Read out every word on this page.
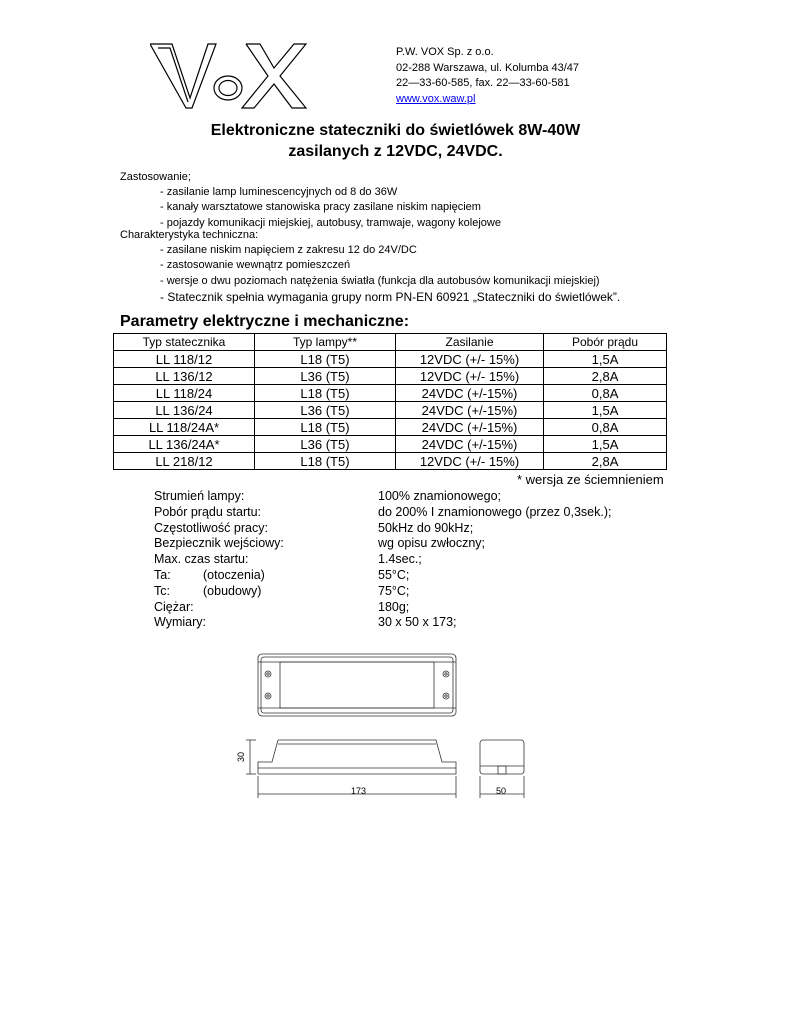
P.W. VOX Sp. z o.o.
02-288 Warszawa, ul. Kolumba 43/47
22—33-60-585, fax. 22—33-60-581
www.vox.waw.pl
Elektroniczne stateczniki do świetlówek 8W-40W
zasilanych z 12VDC, 24VDC.
Zastosowanie;
- zasilanie lamp luminescencyjnych od 8 do 36W
- kanały warsztatowe stanowiska pracy zasilane niskim napięciem
- pojazdy komunikacji miejskiej, autobusy, tramwaje, wagony kolejowe
Charakterystyka techniczna:
- zasilane niskim napięciem z zakresu 12 do 24V/DC
- zastosowanie wewnątrz pomieszczeń
- wersje o dwu poziomach natężenia światła (funkcja dla autobusów komunikacji miejskiej)
- Statecznik spełnia wymagania grupy norm PN-EN 60921 „Stateczniki do świetlówek”.
Parametry elektryczne i mechaniczne:
Typ statecznika	Typ lampy**	Zasilanie	Pobór prądu
LL 118/12	L18 (T5)	12VDC (+/- 15%)	1,5A
LL 136/12	L36 (T5)	12VDC (+/- 15%)	2,8A
LL 118/24	L18 (T5)	24VDC (+/-15%)	0,8A
LL 136/24	L36 (T5)	24VDC (+/-15%)	1,5A
LL 118/24A*	L18 (T5)	24VDC (+/-15%)	0,8A
LL 136/24A*	L36 (T5)	24VDC (+/-15%)	1,5A
LL 218/12	L18 (T5)	12VDC (+/- 15%)	2,8A
* wersja ze ściemnieniem
Strumień lampy:	100% znamionowego;
Pobór prądu startu:	do 200% I znamionowego (przez 0,3sek.);
Częstotliwość pracy:	50kHz do 90kHz;
Bezpiecznik wejściowy:	wg opisu zwłoczny;
Max. czas startu:	1.4sec.;
Ta:	(otoczenia)	55°C;
Tc:	(obudowy)	75°C;
Ciężar:	180g;
Wymiary:	30 x 50 x 173;
173	50
30
